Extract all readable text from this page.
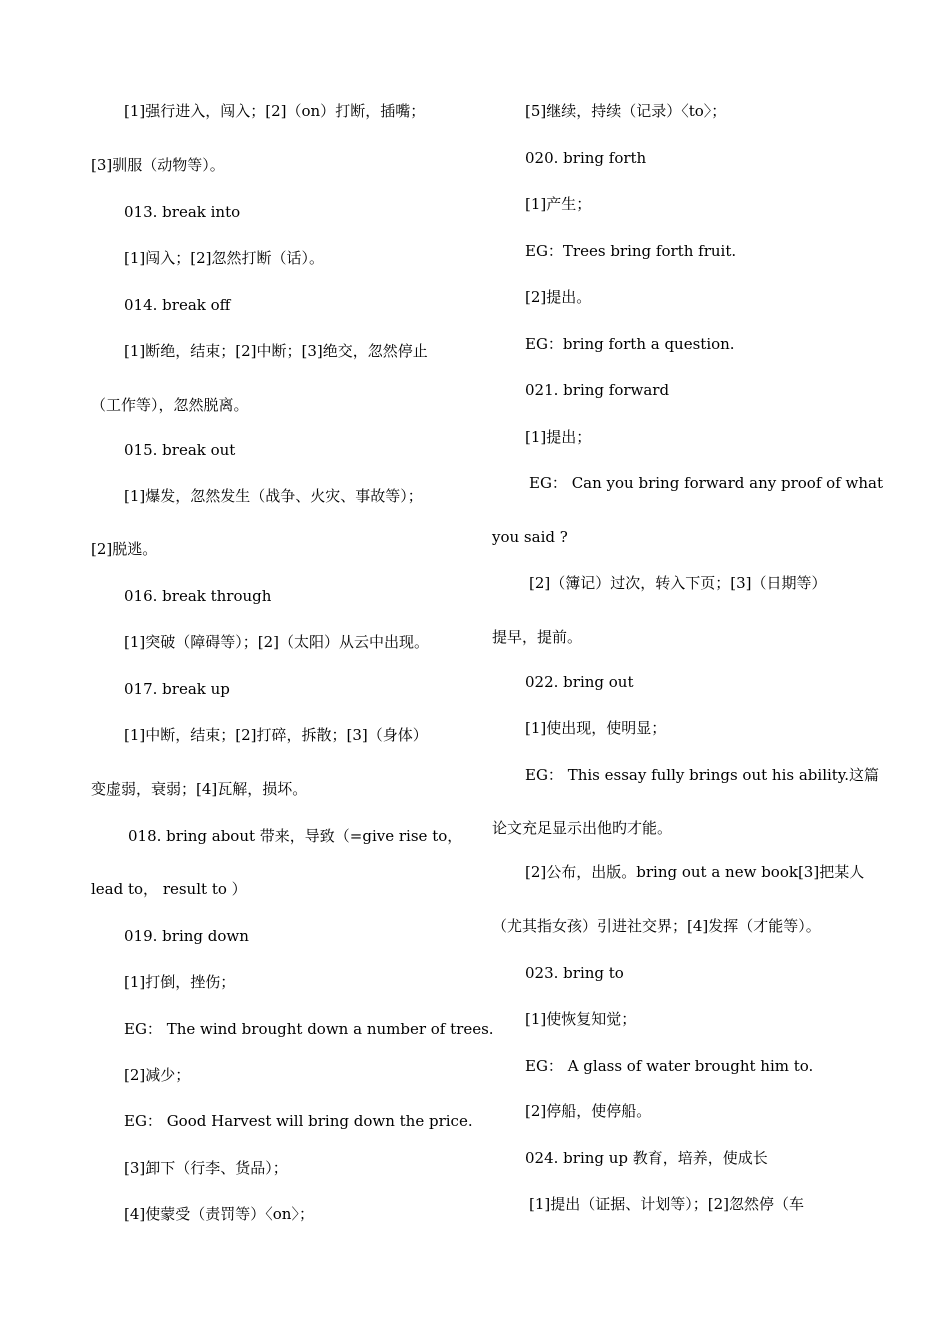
[1]强行进入，闯入；[2]（on）打断，插嘴；
[3]驯服（动物等）。
013. break into
[1]闯入；[2]忽然打断（话）。
014. break off
[1]断绝，结束；[2]中断；[3]绝交，忽然停止
（工作等），忽然脱离。
015. break out
[1]爆发，忽然发生（战争、火灾、事故等）；
[2]脱逃。
016. break through
[1]突破（障碍等）；[2]（太阳）从云中出现。
017. break up
[1]中断，结束；[2]打碎，拆散；[3]（身体）
变虚弱，衰弱；[4]瓦解，损坏。
018. bring about 带来，导致（=give rise to，
lead to， result to ）
019. bring down
[1]打倒，挫伤；
EG： The wind brought down a number of trees.
[2]减少；
EG： Good Harvest will bring down the price.
[3]卸下（行李、货品）；
[4]使蒙受（责罚等）〈on〉；
[5]继续，持续（记录）〈to〉；
020. bring forth
[1]产生；
EG：Trees bring forth fruit.
[2]提出。
EG：bring forth a question.
021. bring forward
[1]提出；
EG： Can you bring forward any proof of what
you said ?
[2]（簿记）过次，转入下页；[3]（日期等）
提早，提前。
022. bring out
[1]使出现，使明显；
EG： This essay fully brings out his ability.这篇
论文充足显示出他旳才能。
[2]公布，出版。bring out a new book[3]把某人
（尤其指女孩）引进社交界；[4]发挥（才能等）。
023. bring to
[1]使恢复知觉；
EG： A glass of water brought him to.
[2]停船，使停船。
024. bring up 教育，培养，使成长
[1]提出（证据、计划等）；[2]忽然停（车
